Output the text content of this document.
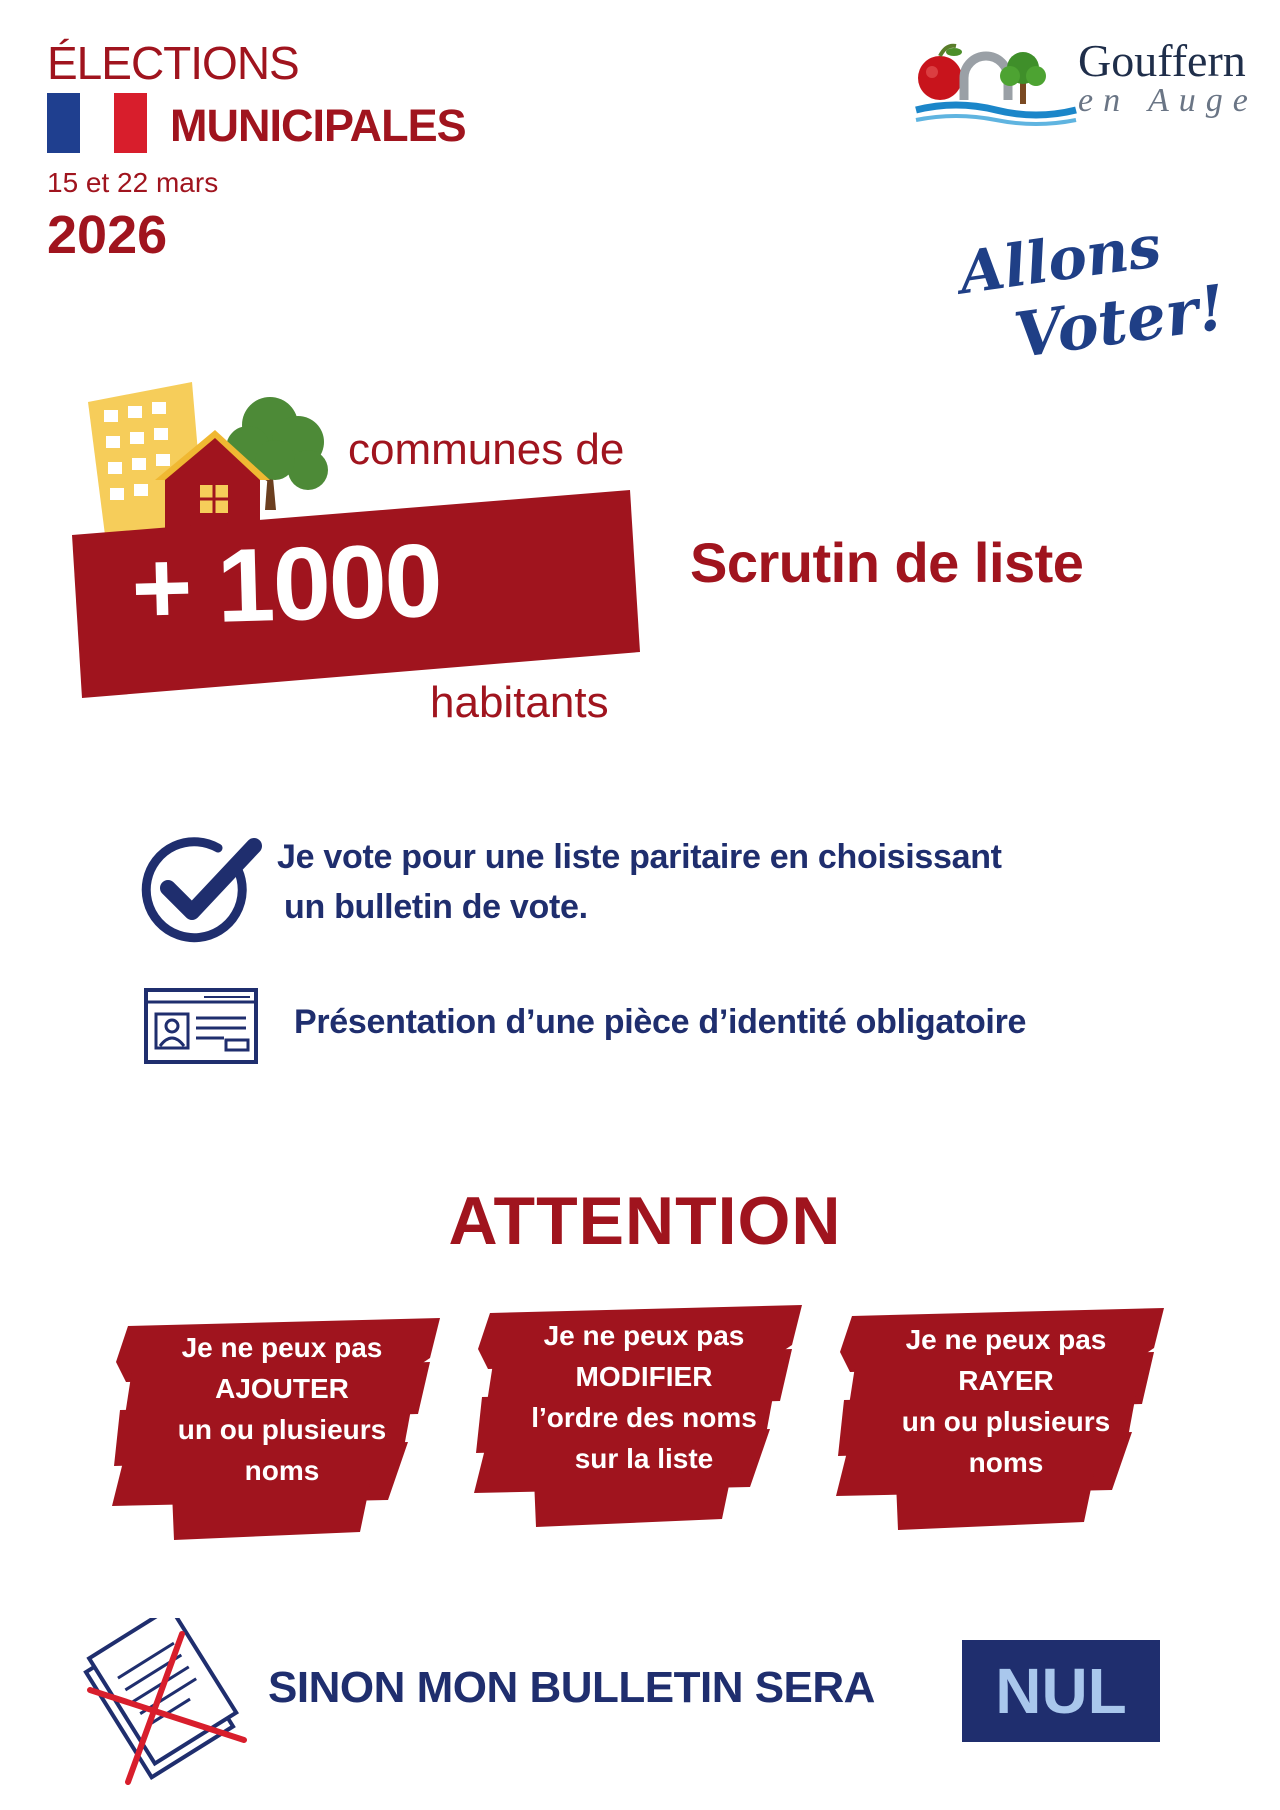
ÉLECTIONS
MUNICIPALES
15 et 22 mars
2026
Gouffern
en Auge
Allons
Voter!
communes de
+ 1000
habitants
Scrutin de liste
Je vote pour une liste paritaire en choisissant
un bulletin de vote.
Présentation d’une pièce d’identité obligatoire
ATTENTION
Je ne peux pas
AJOUTER
un ou plusieurs
noms
Je ne peux pas
MODIFIER
l’ordre des noms
sur la liste
Je ne peux pas
RAYER
un ou plusieurs
noms
SINON MON BULLETIN SERA	NUL
